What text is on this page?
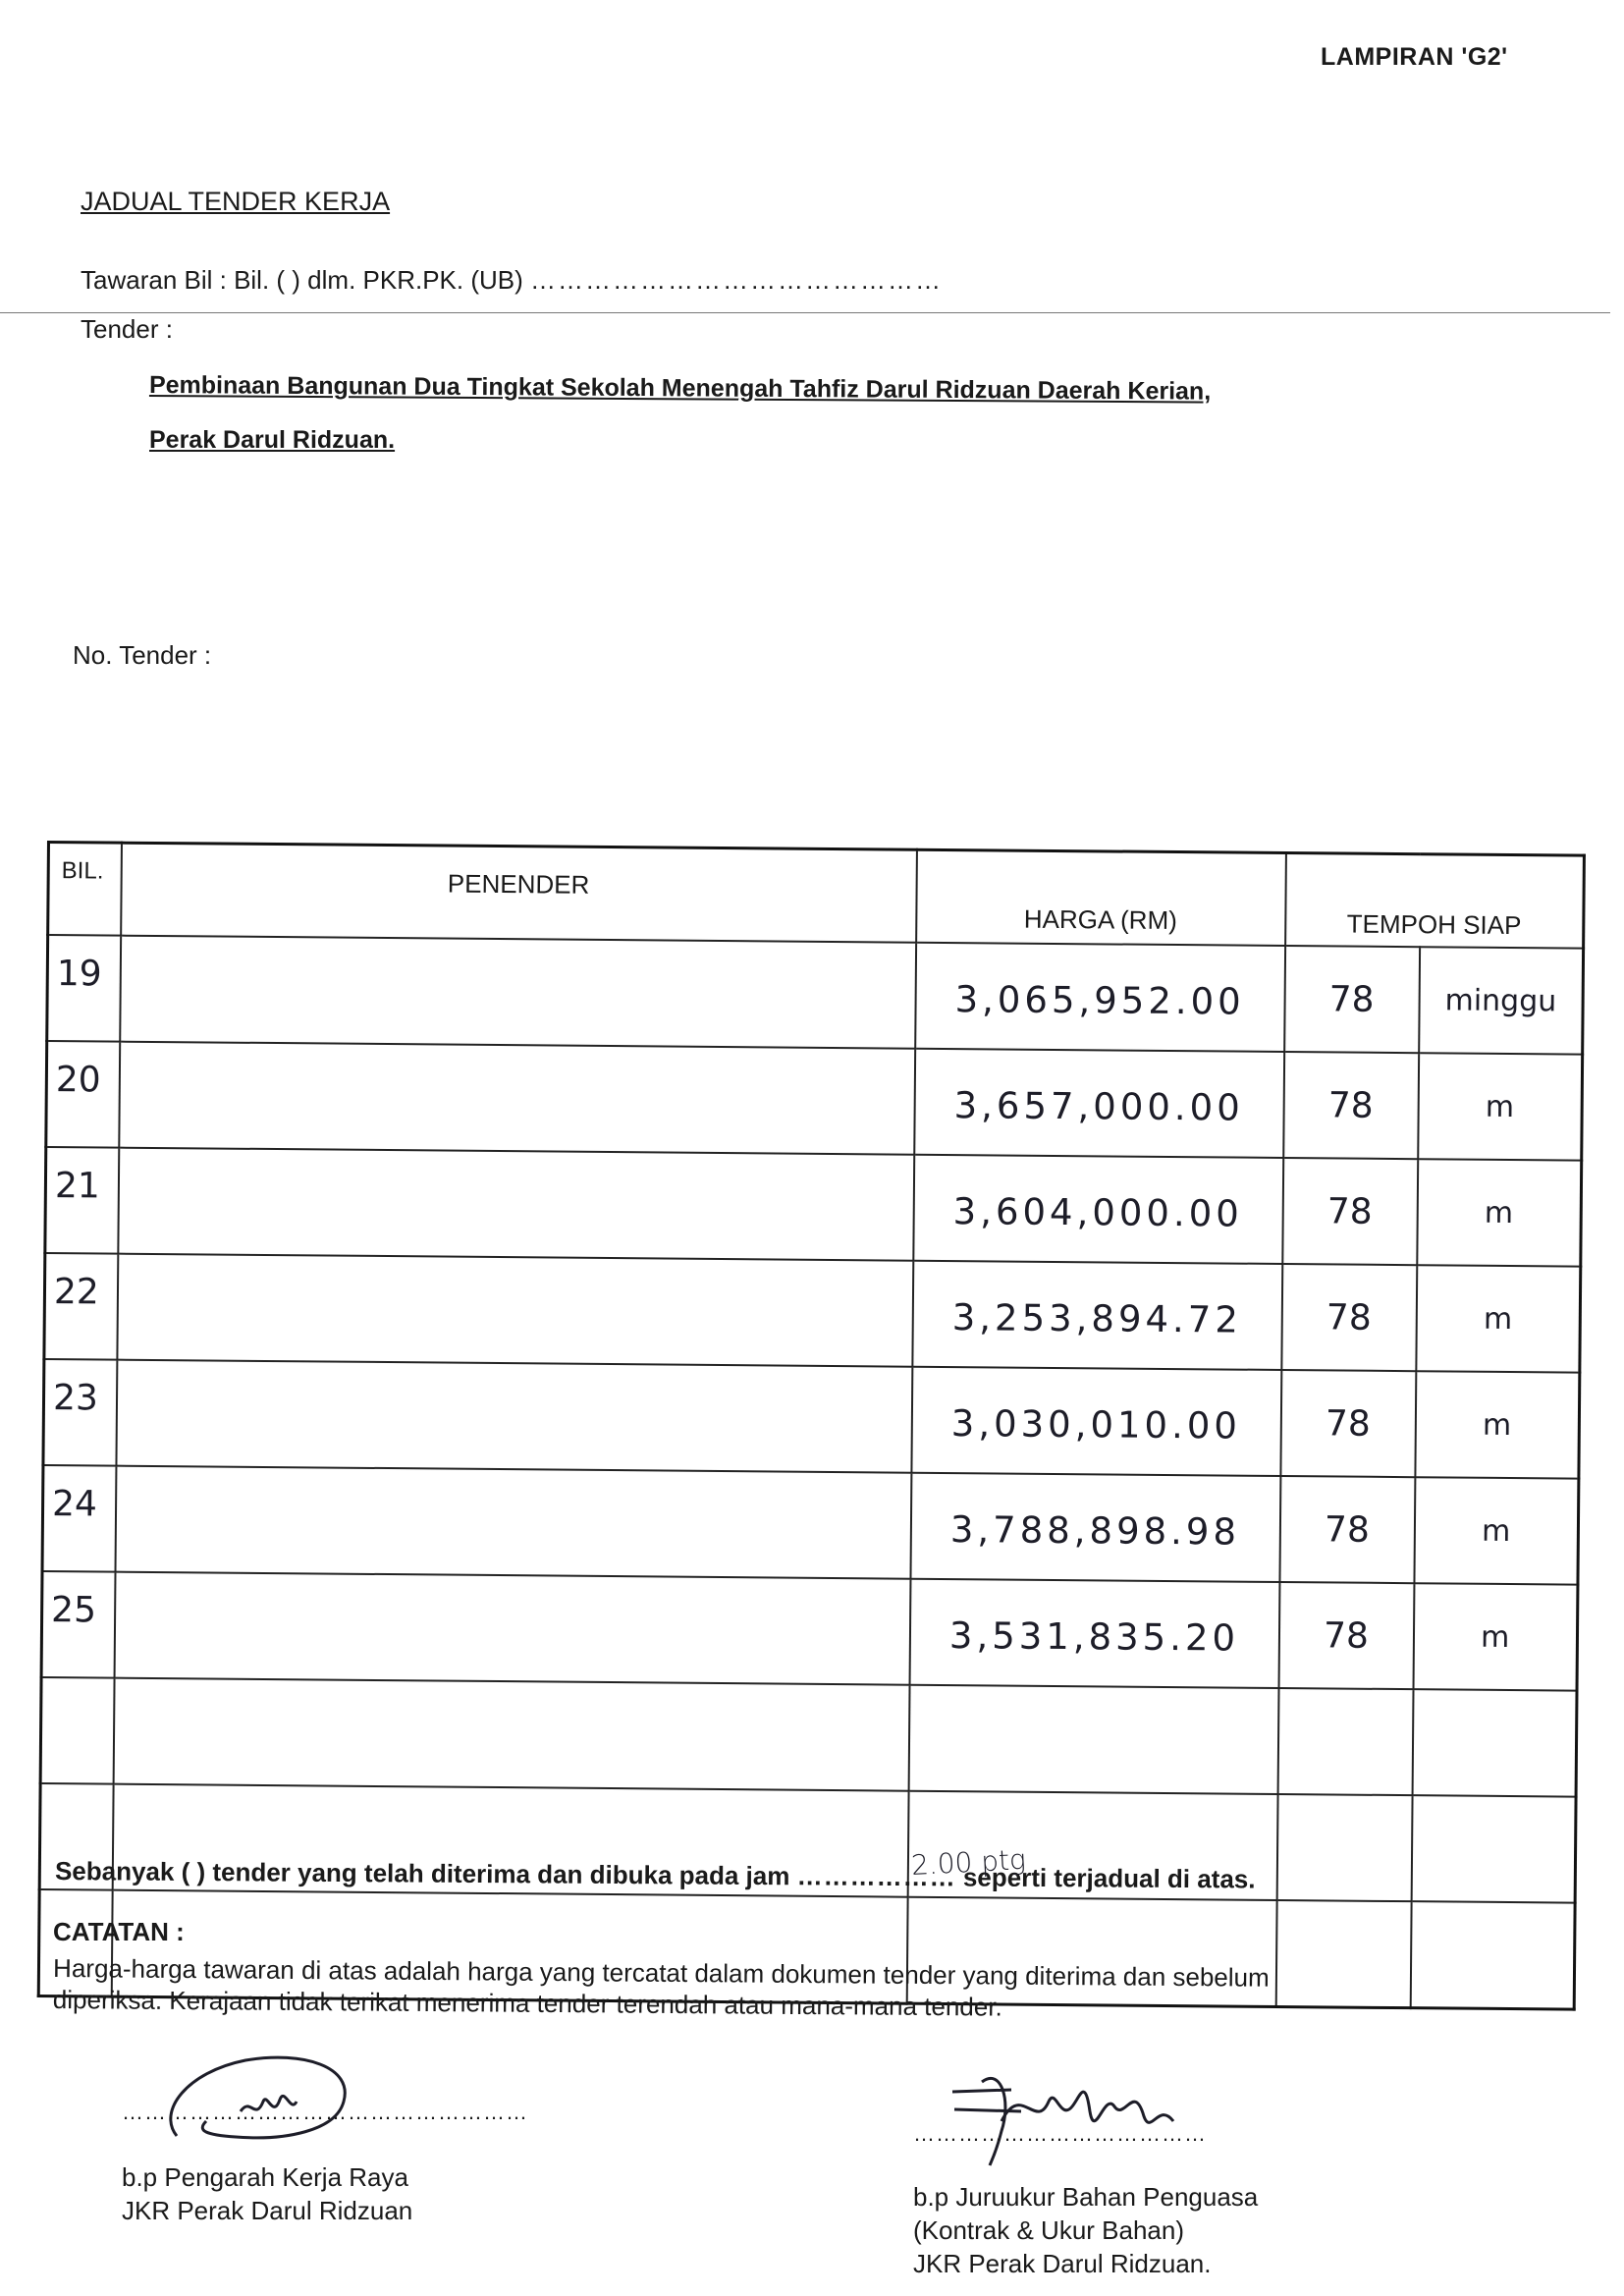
LAMPIRAN 'G2'
JADUAL TENDER KERJA
Tawaran Bil : Bil. ( ) dlm. PKR.PK. (UB) ………………………………………
Tender :
Pembinaan Bangunan Dua Tingkat Sekolah Menengah Tahfiz Darul Ridzuan Daerah Kerian,
Perak Darul Ridzuan.
No. Tender :
BIL.	PENENDER	HARGA (RM)	TEMPOH SIAP	
19		3,065,952.00	78	minggu
20		3,657,000.00	78	m
21		3,604,000.00	78	m
22		3,253,894.72	78	m
23		3,030,010.00	78	m
24		3,788,898.98	78	m
25		3,531,835.20	78	m

Sebanyak ( ) tender yang telah diterima dan dibuka pada jam ……………… seperti terjadual di atas.
2.00 ptg
CATATAN :
Harga-harga tawaran di atas adalah harga yang tercatat dalam dokumen tender yang diterima dan sebelum diperiksa. Kerajaan tidak terikat menerima tender terendah atau mana-mana tender.
………………………………………………
b.p Pengarah Kerja Raya
JKR Perak Darul Ridzuan
…………………………………
b.p Juruukur Bahan Penguasa
(Kontrak & Ukur Bahan)
JKR Perak Darul Ridzuan.
